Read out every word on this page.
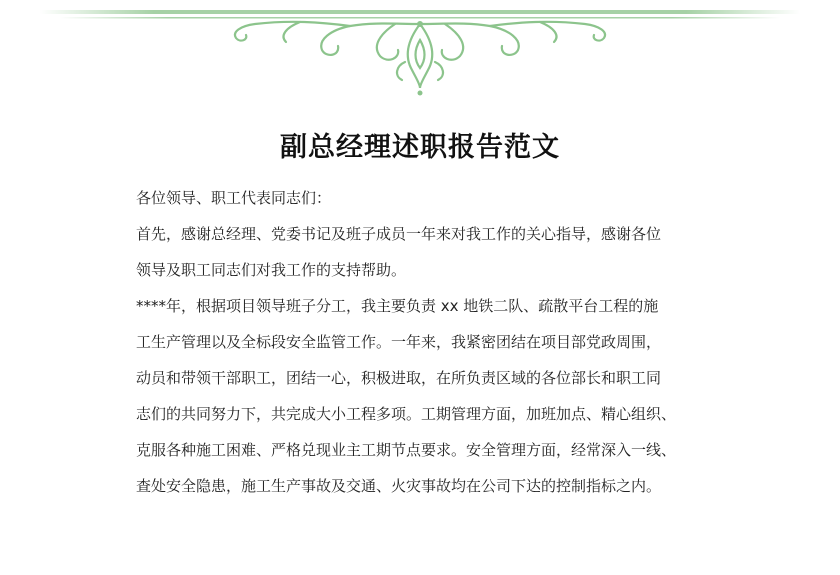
副总经理述职报告范文

各位领导、职工代表同志们：

首先，感谢总经理、党委书记及班子成员一年来对我工作的关心指导，感谢各位

领导及职工同志们对我工作的支持帮助。

****年，根据项目领导班子分工，我主要负责 xx 地铁二队、疏散平台工程的施

工生产管理以及全标段安全监管工作。一年来，我紧密团结在项目部党政周围，

动员和带领干部职工，团结一心，积极进取，在所负责区域的各位部长和职工同

志们的共同努力下，共完成大小工程多项。工期管理方面，加班加点、精心组织、

克服各种施工困难、严格兑现业主工期节点要求。安全管理方面，经常深入一线、

查处安全隐患，施工生产事故及交通、火灾事故均在公司下达的控制指标之内。
